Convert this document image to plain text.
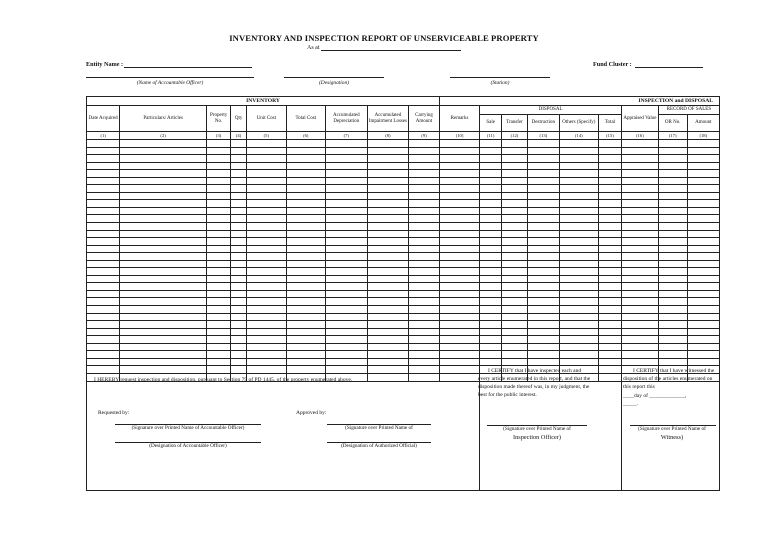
INVENTORY AND INSPECTION REPORT OF UNSERVICEABLE PROPERTY
As at
Entity Name :	Fund Cluster :
(Name of Accountable Officer)	(Designation)	(Station)
INVENTORY									INSPECTION and DISPOSAL								
Date Acquired	Particulars/ Articles	Property No.	Qty	Unit Cost	Total Cost	Accumulated Depreciation	Accumulated Impairment Losses	Carrying Amount	Remarks	DISPOSAL					Appraised Value	RECORD OF SALES	
										Sale	Transfer	Destruction	Others (Specify)	Total		OR No.	Amount
(1)	(2)	(3)	(4)	(5)	(6)	(7)	(8)	(9)	(10)	(11)	(12)	(13)	(14)	(15)	(16)	(17)	(18)

I HEREBY request inspection and disposition, pursuant to Section 79 of PD 1445, of the property enumerated above.
Requested by:	Approved by:
(Signature over Printed Name of Accountable Officer)
(Designation of Accountable Officer)
(Signature over Printed Name of
(Designation of Authorized Official)
I CERTIFY that I have inspected each and every article enumerated in this report, and that the disposition made thereof was, in my judgment, the best for the public interest.
(Signature over Printed Name of
Inspection Officer)
I CERTIFY that I have witnessed the disposition of the articles enumerated on this report this
____day of _____________,
_____.
(Signature over Printed Name of
Witness)
